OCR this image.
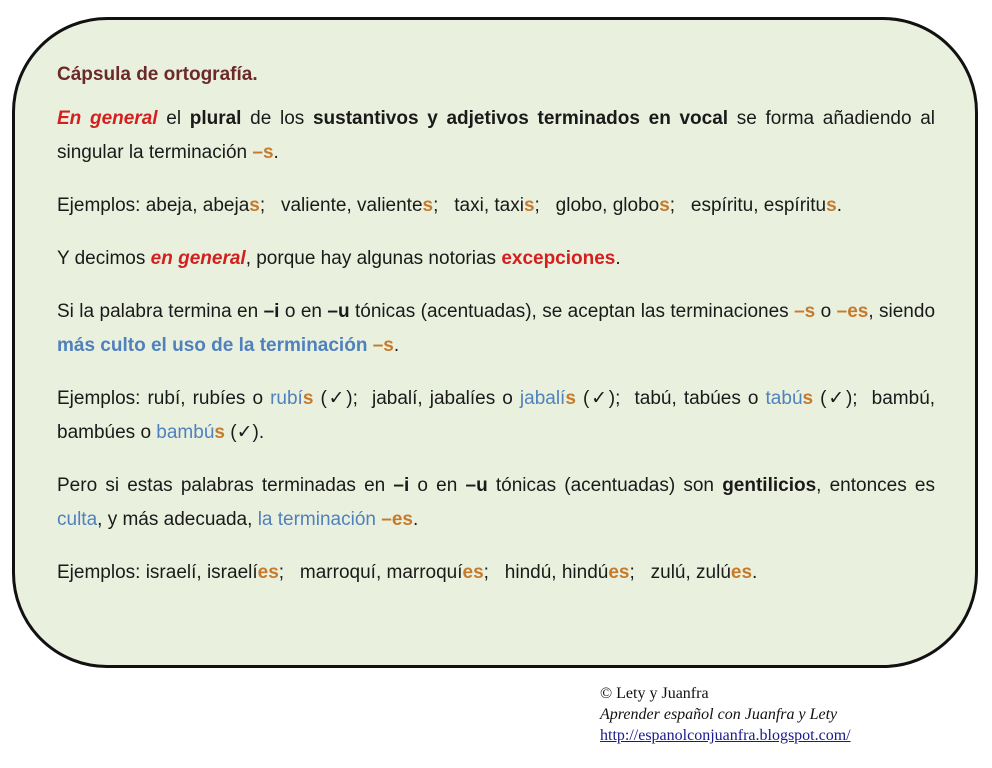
Cápsula de ortografía.

En general el plural de los sustantivos y adjetivos terminados en vocal se forma añadiendo al singular la terminación –s.

Ejemplos: abeja, abejas;   valiente, valientes;   taxi, taxis;   globo, globos;   espíritu, espíritus.

Y decimos en general, porque hay algunas notorias excepciones.

Si la palabra termina en –i o en –u tónicas (acentuadas), se aceptan las terminaciones –s o –es, siendo más culto el uso de la terminación –s.

Ejemplos: rubí, rubíes o rubís (✓);  jabalí, jabalíes o jabalís (✓);  tabú, tabúes o tabús (✓);  bambú, bambúes o bambús (✓).

Pero si estas palabras terminadas en –i o en –u tónicas (acentuadas) son gentilicios, entonces es culta, y más adecuada, la terminación –es.

Ejemplos: israelí, israelíes;   marroquí, marroquíes;   hindú, hindúes;   zulú, zulúes.

© Lety y Juanfra
Aprender español con Juanfra y Lety
http://espanolconjuanfra.blogspot.com/
